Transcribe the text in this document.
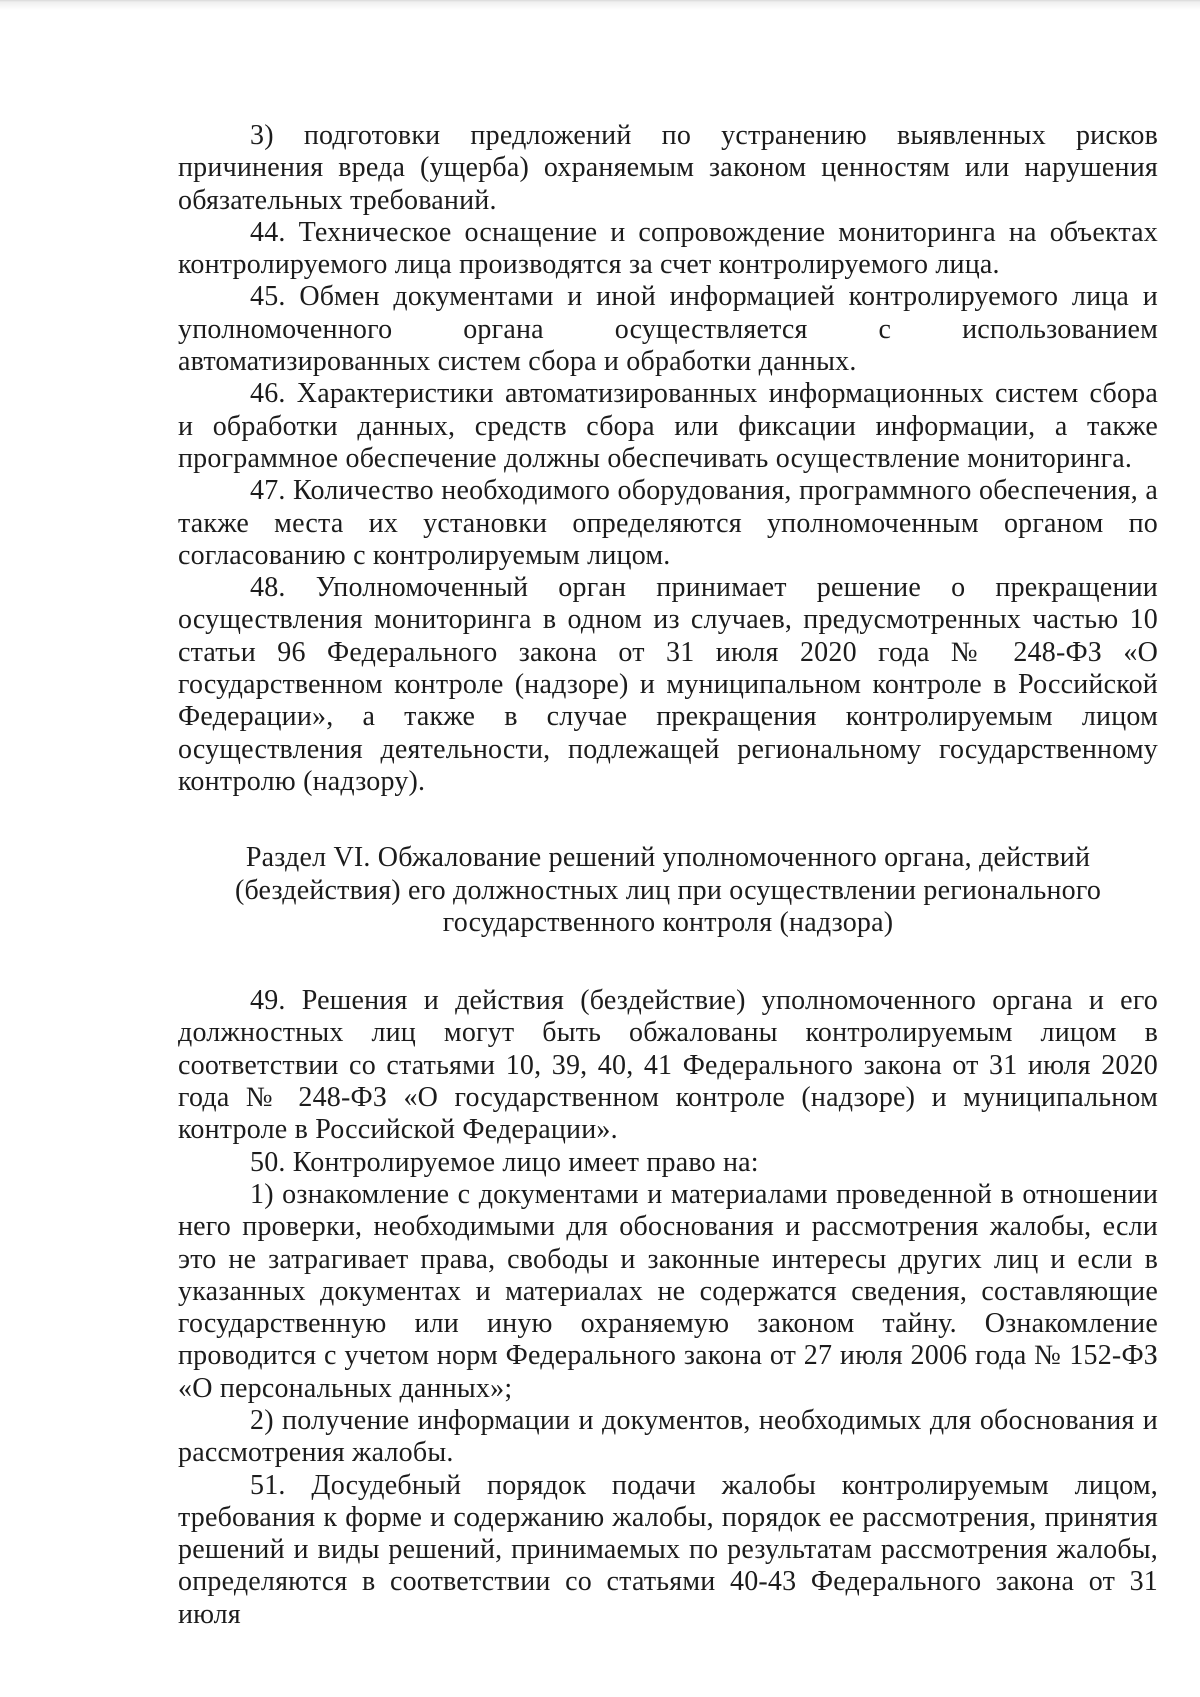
3) подготовки предложений по устранению выявленных рисков причинения вреда (ущерба) охраняемым законом ценностям или нарушения обязательных требований.

44. Техническое оснащение и сопровождение мониторинга на объектах контролируемого лица производятся за счет контролируемого лица.

45. Обмен документами и иной информацией контролируемого лица и уполномоченного органа осуществляется с использованием автоматизированных систем сбора и обработки данных.

46. Характеристики автоматизированных информационных систем сбора и обработки данных, средств сбора или фиксации информации, а также программное обеспечение должны обеспечивать осуществление мониторинга.

47. Количество необходимого оборудования, программного обеспечения, а также места их установки определяются уполномоченным органом по согласованию с контролируемым лицом.

48. Уполномоченный орган принимает решение о прекращении осуществления мониторинга в одном из случаев, предусмотренных частью 10 статьи 96 Федерального закона от 31 июля 2020 года № 248-ФЗ «О государственном контроле (надзоре) и муниципальном контроле в Российской Федерации», а также в случае прекращения контролируемым лицом осуществления деятельности, подлежащей региональному государственному контролю (надзору).

Раздел VI. Обжалование решений уполномоченного органа, действий (бездействия) его должностных лиц при осуществлении регионального государственного контроля (надзора)

49. Решения и действия (бездействие) уполномоченного органа и его должностных лиц могут быть обжалованы контролируемым лицом в соответствии со статьями 10, 39, 40, 41 Федерального закона от 31 июля 2020 года № 248-ФЗ «О государственном контроле (надзоре) и муниципальном контроле в Российской Федерации».

50. Контролируемое лицо имеет право на:

1) ознакомление с документами и материалами проведенной в отношении него проверки, необходимыми для обоснования и рассмотрения жалобы, если это не затрагивает права, свободы и законные интересы других лиц и если в указанных документах и материалах не содержатся сведения, составляющие государственную или иную охраняемую законом тайну. Ознакомление проводится с учетом норм Федерального закона от 27 июля 2006 года № 152-ФЗ «О персональных данных»;

2) получение информации и документов, необходимых для обоснования и рассмотрения жалобы.

51. Досудебный порядок подачи жалобы контролируемым лицом, требования к форме и содержанию жалобы, порядок ее рассмотрения, принятия решений и виды решений, принимаемых по результатам рассмотрения жалобы, определяются в соответствии со статьями 40-43 Федерального закона от 31 июля
